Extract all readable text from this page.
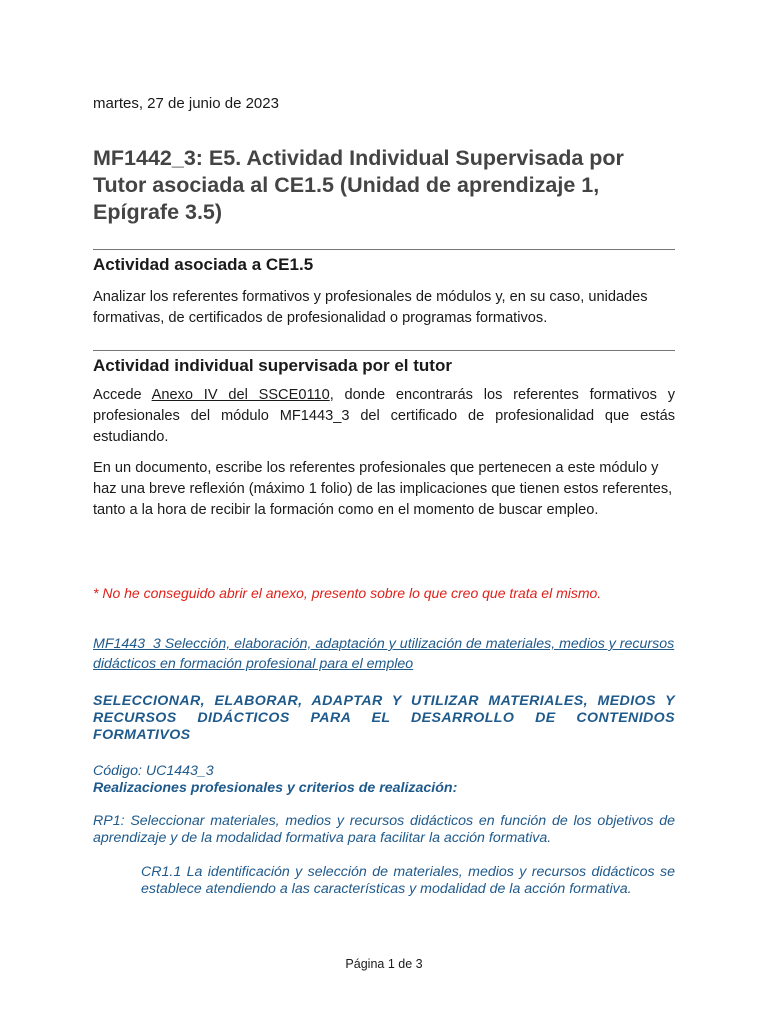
martes, 27 de junio de 2023
MF1442_3: E5. Actividad Individual Supervisada por Tutor asociada al CE1.5 (Unidad de aprendizaje 1, Epígrafe 3.5)
Actividad asociada a CE1.5

Analizar los referentes formativos y profesionales de módulos y, en su caso, unidades formativas, de certificados de profesionalidad o programas formativos.

Actividad individual supervisada por el tutor

Accede Anexo IV del SSCE0110, donde encontrarás los referentes formativos y profesionales del módulo MF1443_3 del certificado de profesionalidad que estás estudiando.

En un documento, escribe los referentes profesionales que pertenecen a este módulo y haz una breve reflexión (máximo 1 folio) de las implicaciones que tienen estos referentes, tanto a la hora de recibir la formación como en el momento de buscar empleo.

* No he conseguido abrir el anexo, presento sobre lo que creo que trata el mismo.
MF1443_3 Selección, elaboración, adaptación y utilización de materiales, medios y recursos didácticos en formación profesional para el empleo

SELECCIONAR, ELABORAR, ADAPTAR Y UTILIZAR MATERIALES, MEDIOS Y RECURSOS DIDÁCTICOS PARA EL DESARROLLO DE CONTENIDOS FORMATIVOS

Código: UC1443_3
Realizaciones profesionales y criterios de realización:

RP1: Seleccionar materiales, medios y recursos didácticos en función de los objetivos de aprendizaje y de la modalidad formativa para facilitar la acción formativa.

CR1.1 La identificación y selección de materiales, medios y recursos didácticos se establece atendiendo a las características y modalidad de la acción formativa.

Página 1 de 3
